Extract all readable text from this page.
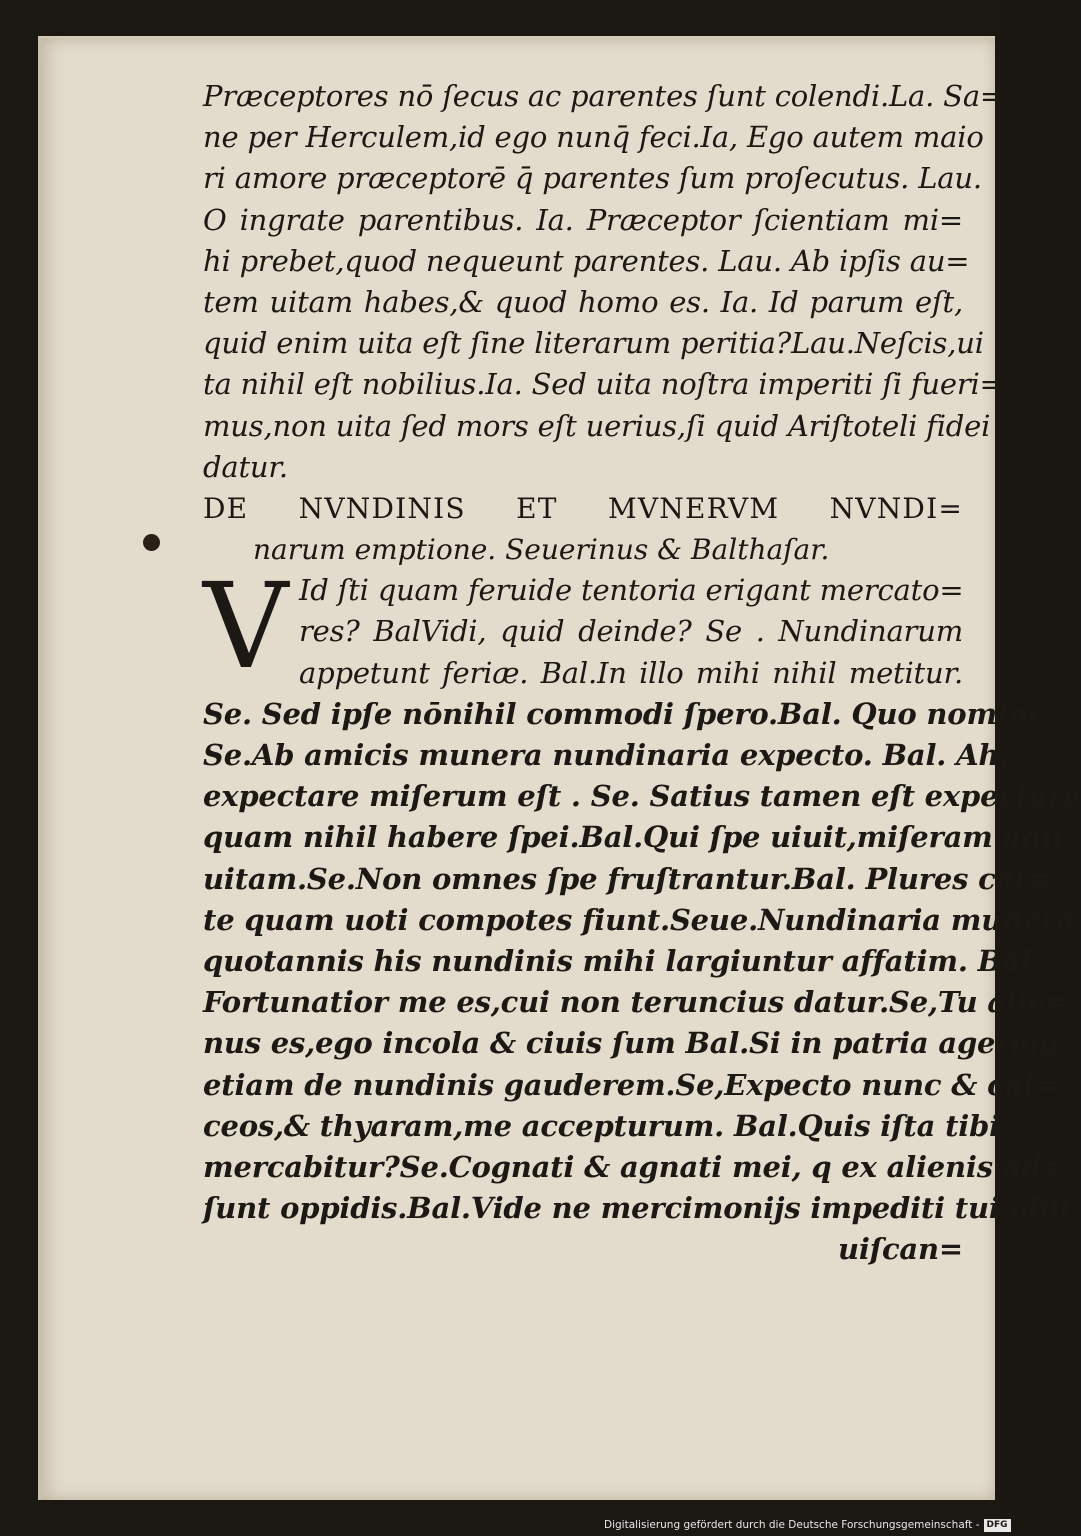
Præceptores nō ſecus ac parentes ſunt colendi.La. Sa=
ne per Herculem,id ego nunq̄ feci.Ia, Ego autem maio
ri amore præceptorē q̄ parentes ſum proſecutus. Lau.
O ingrate parentibus. Ia. Præceptor ſcientiam mi=
hi prebet,quod nequeunt parentes. Lau. Ab ipſis au=
tem uitam habes,& quod homo es. Ia. Id parum eſt,
quid enim uita eſt ſine literarum peritia?Lau.Neſcis,ui
ta nihil eſt nobilius.Ia. Sed uita noſtra imperiti ſi fueri=
mus,non uita ſed mors eſt uerius,ſi quid Ariſtoteli fidei
datur.
DE NVNDINIS ET MVNERVM NVNDI=
narum emptione. Seuerinus & Balthaſar.
V Id ſti quam feruide tentoria erigant mercato=
res? BalVidi, quid deinde? Se . Nundinarum
appetunt feriæ. Bal.In illo mihi nihil metitur.
Se. Sed ipſe nōnihil commodi ſpero.Bal. Quo nomine.
Se.Ab amicis munera nundinaria expecto. Bal. Ah,
expectare miſerum eſt . Se. Satius tamen eſt expectare
quam nihil habere ſpei.Bal.Qui ſpe uiuit,miſeram agit
uitam.Se.Non omnes ſpe fruſtrantur.Bal. Plures cer=
te quam uoti compotes fiunt.Seue.Nundinaria munera
quotannis his nundinis mihi largiuntur affatim. Bal.
Fortunatior me es,cui non teruncius datur.Se,Tu alie=
nus es,ego incola & ciuis ſum Bal.Si in patria agerem
etiam de nundinis gauderem.Se,Expecto nunc & cal=
ceos,& thyaram,me accepturum. Bal.Quis iſta tibi
mercabitur?Se.Cognati & agnati mei, q ex alienis ad=
ſunt oppidis.Bal.Vide ne mercimonijs impediti tui obli
uiſcan=
Digitalisierung gefördert durch die Deutsche Forschungsgemeinschaft - DFG
